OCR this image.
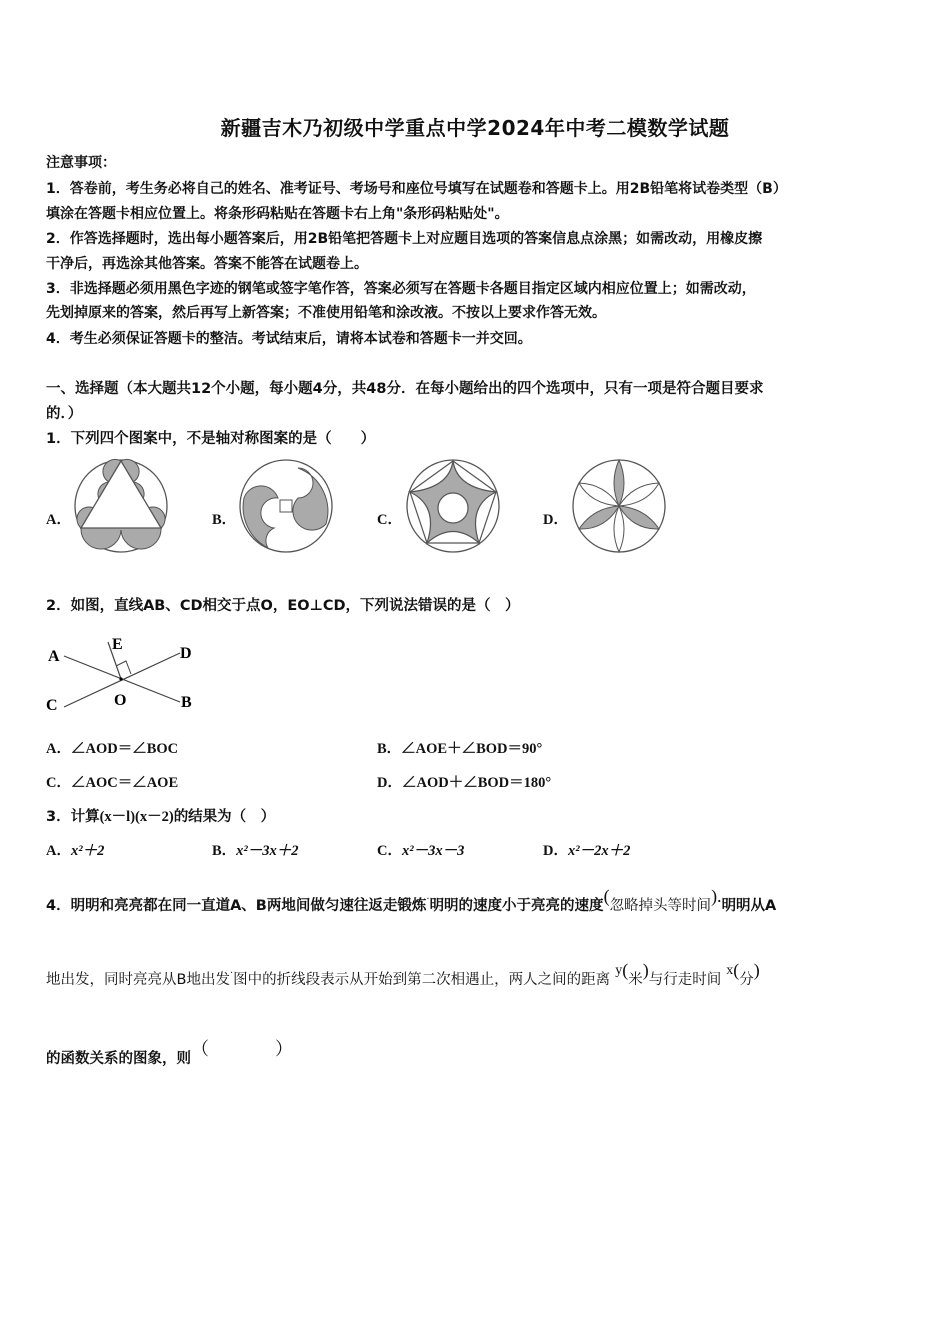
新疆吉木乃初级中学重点中学2024年中考二模数学试题
注意事项：
1．答卷前，考生务必将自己的姓名、准考证号、考场号和座位号填写在试题卷和答题卡上。用2B铅笔将试卷类型（B）
填涂在答题卡相应位置上。将条形码粘贴在答题卡右上角"条形码粘贴处"。
2．作答选择题时，选出每小题答案后，用2B铅笔把答题卡上对应题目选项的答案信息点涂黑；如需改动，用橡皮擦
干净后，再选涂其他答案。答案不能答在试题卷上。
3．非选择题必须用黑色字迹的钢笔或签字笔作答，答案必须写在答题卡各题目指定区域内相应位置上；如需改动，
先划掉原来的答案，然后再写上新答案；不准使用铅笔和涂改液。不按以上要求作答无效。
4．考生必须保证答题卡的整洁。考试结束后，请将本试卷和答题卡一并交回。
一、选择题（本大题共12个小题，每小题4分，共48分．在每小题给出的四个选项中，只有一项是符合题目要求
的．）
1．下列四个图案中，不是轴对称图案的是（　　）
A．	B．	C．	D．
2．如图，直线AB、CD相交于点O，EO⊥CD，下列说法错误的是（　）
A
E
D
C	O	B
A．∠AOD＝∠BOC	B．∠AOE＋∠BOD＝90°
C．∠AOC＝∠AOE	D．∠AOD＋∠BOD＝180°
3．计算(x－l)(x－2)的结果为（　）
A．x²＋2	B．x²－3x＋2	C．x²－3x－3	D．x²－2x＋2
4．明明和亮亮都在同一直道A、B两地间做匀速往返走锻炼·明明的速度小于亮亮的速度(忽略掉头等时间).明明从A
地出发，同时亮亮从B地出发·图中的折线段表示从开始到第二次相遇止，两人之间的距离 y(米)与行走时间 x(分)
的函数关系的图象，则（　　）
